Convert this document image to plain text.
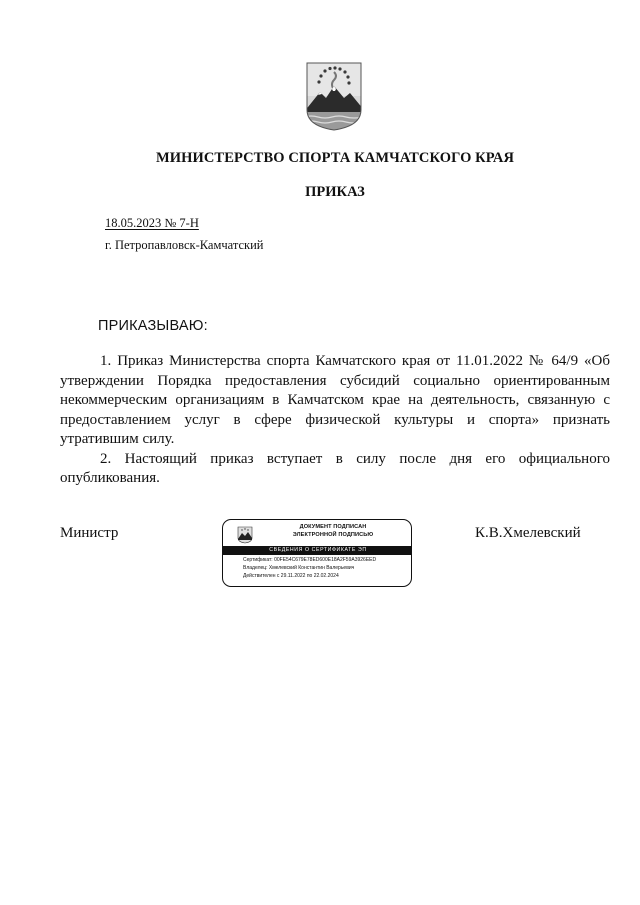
МИНИСТЕРСТВО СПОРТА КАМЧАТСКОГО КРАЯ
ПРИКАЗ
18.05.2023 № 7-Н
г. Петропавловск-Камчатский
ПРИКАЗЫВАЮ:

1. Приказ Министерства спорта Камчатского края от 11.01.2022 № 64/9 «Об утверждении Порядка предоставления субсидий социально ориентированным некоммерческим организациям в Камчатском крае на деятельность, связанную с предоставлением услуг в сфере физической культуры и спорта» признать утратившим силу.

2. Настоящий приказ вступает в силу после дня его официального опубликования.

Министр	ДОКУМЕНТ ПОДПИСАН
ЭЛЕКТРОННОЙ ПОДПИСЬЮ
СВЕДЕНИЯ О СЕРТИФИКАТЕ ЭП
Сертификат: 00FE54C679E78ED600E18A2F59A3926EED
Владелец: Хмелевский Константин Валерьевич
Действителен с 29.11.2022 по 22.02.2024
К.В.Хмелевский
